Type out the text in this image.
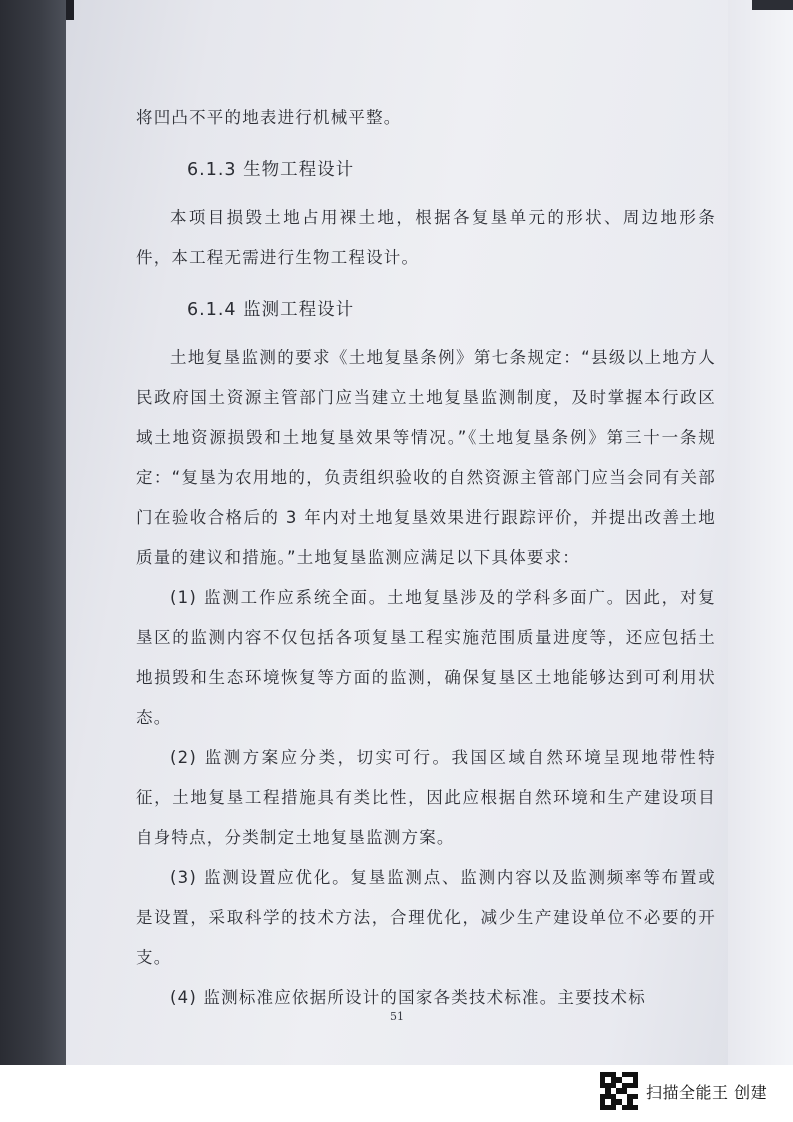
将凹凸不平的地表进行机械平整。

6.1.3 生物工程设计

本项目损毁土地占用裸土地，根据各复垦单元的形状、周边地形条件，本工程无需进行生物工程设计。

6.1.4 监测工程设计

土地复垦监测的要求《土地复垦条例》第七条规定：“县级以上地方人民政府国土资源主管部门应当建立土地复垦监测制度，及时掌握本行政区域土地资源损毁和土地复垦效果等情况。”《土地复垦条例》第三十一条规定：“复垦为农用地的，负责组织验收的自然资源主管部门应当会同有关部门在验收合格后的 3 年内对土地复垦效果进行跟踪评价，并提出改善土地质量的建议和措施。”土地复垦监测应满足以下具体要求：

(1) 监测工作应系统全面。土地复垦涉及的学科多面广。因此，对复垦区的监测内容不仅包括各项复垦工程实施范围质量进度等，还应包括土地损毁和生态环境恢复等方面的监测，确保复垦区土地能够达到可利用状态。

(2) 监测方案应分类，切实可行。我国区域自然环境呈现地带性特征，土地复垦工程措施具有类比性，因此应根据自然环境和生产建设项目自身特点，分类制定土地复垦监测方案。

(3) 监测设置应优化。复垦监测点、监测内容以及监测频率等布置或是设置，采取科学的技术方法，合理优化，减少生产建设单位不必要的开支。

(4) 监测标准应依据所设计的国家各类技术标准。主要技术标

51
扫描全能王 创建
